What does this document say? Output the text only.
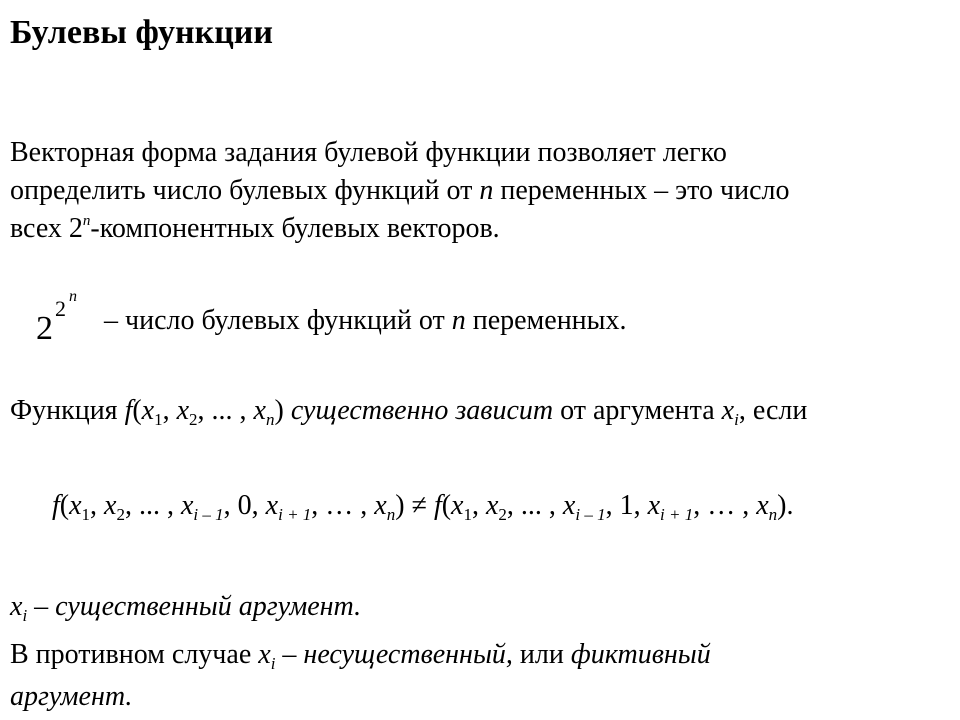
Булевы функции
Векторная форма задания булевой функции позволяет легко
определить число булевых функций от n переменных – это число
всех 2$^n$-компонентных булевых векторов.
2
2 n
– число булевых функций от n переменных.
Функция $f(x_1$, $x_2$, ... , $x_n$) существенно зависит от аргумента $x_i$, если
$f(x_1$, $x_2$, ... , $x_{i - 1}$, 0, $x_{i + 1}$, … , $x_n) \ne f(x_1$, $x_2$, ... , $x_{i - 1}$, 1, $x_{i + 1}$, … , $x_n$).
$x_i$ – существенный аргумент.
В противном случае $x_i$ – несущественный, или фиктивный
аргумент.
